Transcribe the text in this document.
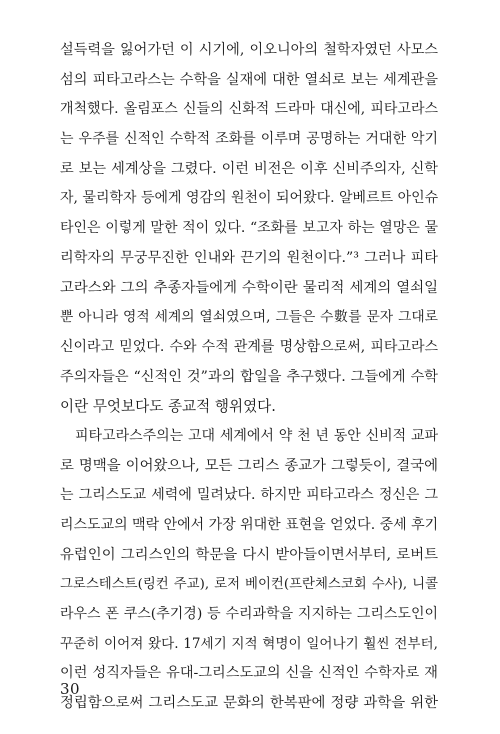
설득력을 잃어가던 이 시기에, 이오니아의 철학자였던 사모스
섬의 피타고라스는 수학을 실재에 대한 열쇠로 보는 세계관을
개척했다. 올림포스 신들의 신화적 드라마 대신에, 피타고라스
는 우주를 신적인 수학적 조화를 이루며 공명하는 거대한 악기
로 보는 세계상을 그렸다. 이런 비전은 이후 신비주의자, 신학
자, 물리학자 등에게 영감의 원천이 되어왔다. 알베르트 아인슈
타인은 이렇게 말한 적이 있다. “조화를 보고자 하는 열망은 물
리학자의 무궁무진한 인내와 끈기의 원천이다.”³ 그러나 피타
고라스와 그의 추종자들에게 수학이란 물리적 세계의 열쇠일
뿐 아니라 영적 세계의 열쇠였으며, 그들은 수數를 문자 그대로
신이라고 믿었다. 수와 수적 관계를 명상함으로써, 피타고라스
주의자들은 “신적인 것”과의 합일을 추구했다. 그들에게 수학
이란 무엇보다도 종교적 행위였다.
피타고라스주의는 고대 세계에서 약 천 년 동안 신비적 교파
로 명맥을 이어왔으나, 모든 그리스 종교가 그렇듯이, 결국에
는 그리스도교 세력에 밀려났다. 하지만 피타고라스 정신은 그
리스도교의 맥락 안에서 가장 위대한 표현을 얻었다. 중세 후기
유럽인이 그리스인의 학문을 다시 받아들이면서부터, 로버트
그로스테스트(링컨 주교), 로저 베이컨(프란체스코회 수사), 니콜
라우스 폰 쿠스(추기경) 등 수리과학을 지지하는 그리스도인이
꾸준히 이어져 왔다. 17세기 지적 혁명이 일어나기 훨씬 전부터,
이런 성직자들은 유대-그리스도교의 신을 신적인 수학자로 재
정립함으로써 그리스도교 문화의 한복판에 정량 과학을 위한
30
